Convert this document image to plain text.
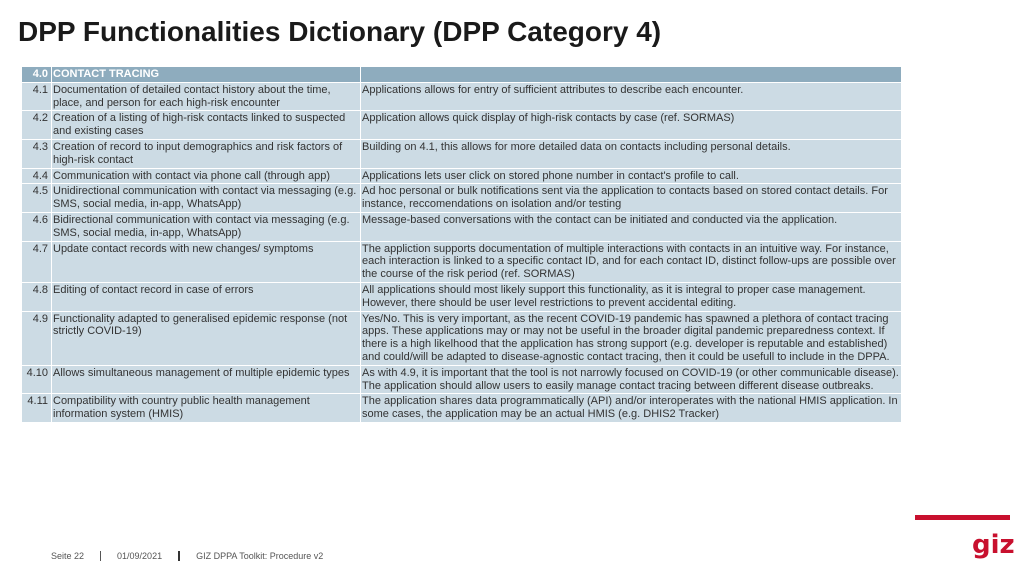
DPP Functionalities Dictionary (DPP Category 4)
4.0	CONTACT TRACING	
4.1	Documentation of detailed contact history about the time, place, and person for each high-risk encounter	Applications allows for entry of sufficient attributes to describe each encounter.
4.2	Creation of a listing of high-risk contacts linked to suspected and existing cases	Application allows quick display of high-risk contacts by case (ref. SORMAS)
4.3	Creation of record to input demographics and risk factors of high-risk contact	Building on 4.1, this allows for more detailed data on contacts including personal details.
4.4	Communication with contact via phone call (through app)	Applications lets user click on stored phone number in contact's profile to call.
4.5	Unidirectional communication with contact via messaging (e.g. SMS, social media, in-app, WhatsApp)	Ad hoc personal or bulk notifications sent via the application to contacts based on stored contact details. For instance, reccomendations on isolation and/or testing
4.6	Bidirectional communication with contact via messaging (e.g. SMS, social media, in-app, WhatsApp)	Message-based conversations with the contact can be initiated and conducted via the application.
4.7	Update contact records with new changes/ symptoms	The appliction supports documentation of multiple interactions with contacts in an intuitive way. For instance, each interaction is linked to a specific contact ID, and for each contact ID, distinct follow-ups are possible over the course of the risk period (ref. SORMAS)
4.8	Editing of contact record in case of errors	All applications should most likely support this functionality, as it is integral to proper case management. However, there should be user level restrictions to prevent accidental editing.
4.9	Functionality adapted to generalised epidemic response (not strictly COVID-19)	Yes/No. This is very important, as the recent COVID-19 pandemic has spawned a plethora of contact tracing apps. These applications may or may not be useful in the broader digital pandemic preparedness context. If there is a high likelhood that the application has strong support (e.g. developer is reputable and established) and could/will be adapted to disease-agnostic contact tracing, then it could be usefull to include in the DPPA.
4.10	Allows simultaneous management of multiple epidemic types	As with 4.9, it is important that the tool is not narrowly focused on COVID-19 (or other communicable disease). The application should allow users to easily manage contact tracing between different disease outbreaks.
4.11	Compatibility with country public health management information system (HMIS)	The application shares data programmatically (API) and/or interoperates with the national HMIS application. In some cases, the application may be an actual HMIS (e.g. DHIS2 Tracker)
Seite 22	01/09/2021	GIZ DPPA Toolkit: Procedure v2	giz
